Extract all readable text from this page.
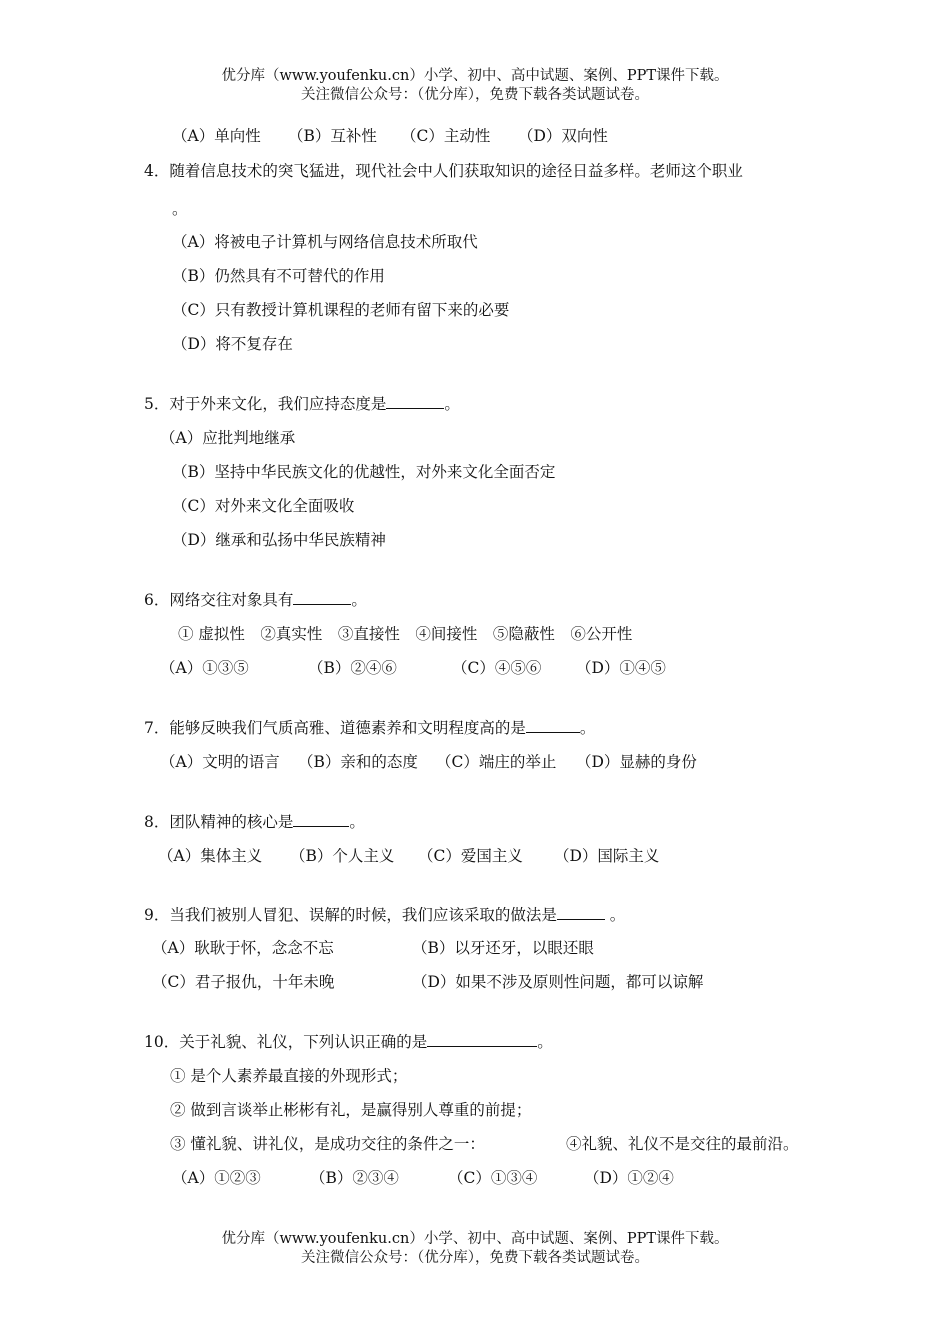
优分库（www.youfenku.cn）小学、初中、高中试题、案例、PPT课件下载。
关注微信公众号：（优分库），免费下载各类试题试卷。
（A）单向性 （B）互补性 （C）主动性 （D）双向性
4．随着信息技术的突飞猛进，现代社会中人们获取知识的途径日益多样。老师这个职业
。
（A）将被电子计算机与网络信息技术所取代
（B）仍然具有不可替代的作用
（C）只有教授计算机课程的老师有留下来的必要
（D）将不复存在
5．对于外来文化，我们应持态度是	。
（A）应批判地继承
（B）坚持中华民族文化的优越性，对外来文化全面否定
（C）对外来文化全面吸收
（D）继承和弘扬中华民族精神
6．网络交往对象具有	。
① 虚拟性　②真实性　③直接性　④间接性　⑤隐蔽性　⑥公开性
（A）①③⑤	（B）②④⑥	（C）④⑤⑥ （D）①④⑤
7．能够反映我们气质高雅、道德素养和文明程度高的是	。
（A）文明的语言 （B）亲和的态度 （C）端庄的举止 （D）显赫的身份
8．团队精神的核心是	。
（A）集体主义 （B）个人主义 （C）爱国主义 （D）国际主义
9．当我们被别人冒犯、误解的时候，我们应该采取的做法是	。
（A）耿耿于怀，念念不忘	（B）以牙还牙，以眼还眼
（C）君子报仇，十年未晚	（D）如果不涉及原则性问题，都可以谅解
10．关于礼貌、礼仪，下列认识正确的是	。
① 是个人素养最直接的外现形式；
② 做到言谈举止彬彬有礼，是赢得别人尊重的前提；
③ 懂礼貌、讲礼仪，是成功交往的条件之一：	④礼貌、礼仪不是交往的最前沿。
（A）①②③	（B）②③④	（C）①③④	（D）①②④
优分库（www.youfenku.cn）小学、初中、高中试题、案例、PPT课件下载。
关注微信公众号：（优分库），免费下载各类试题试卷。
